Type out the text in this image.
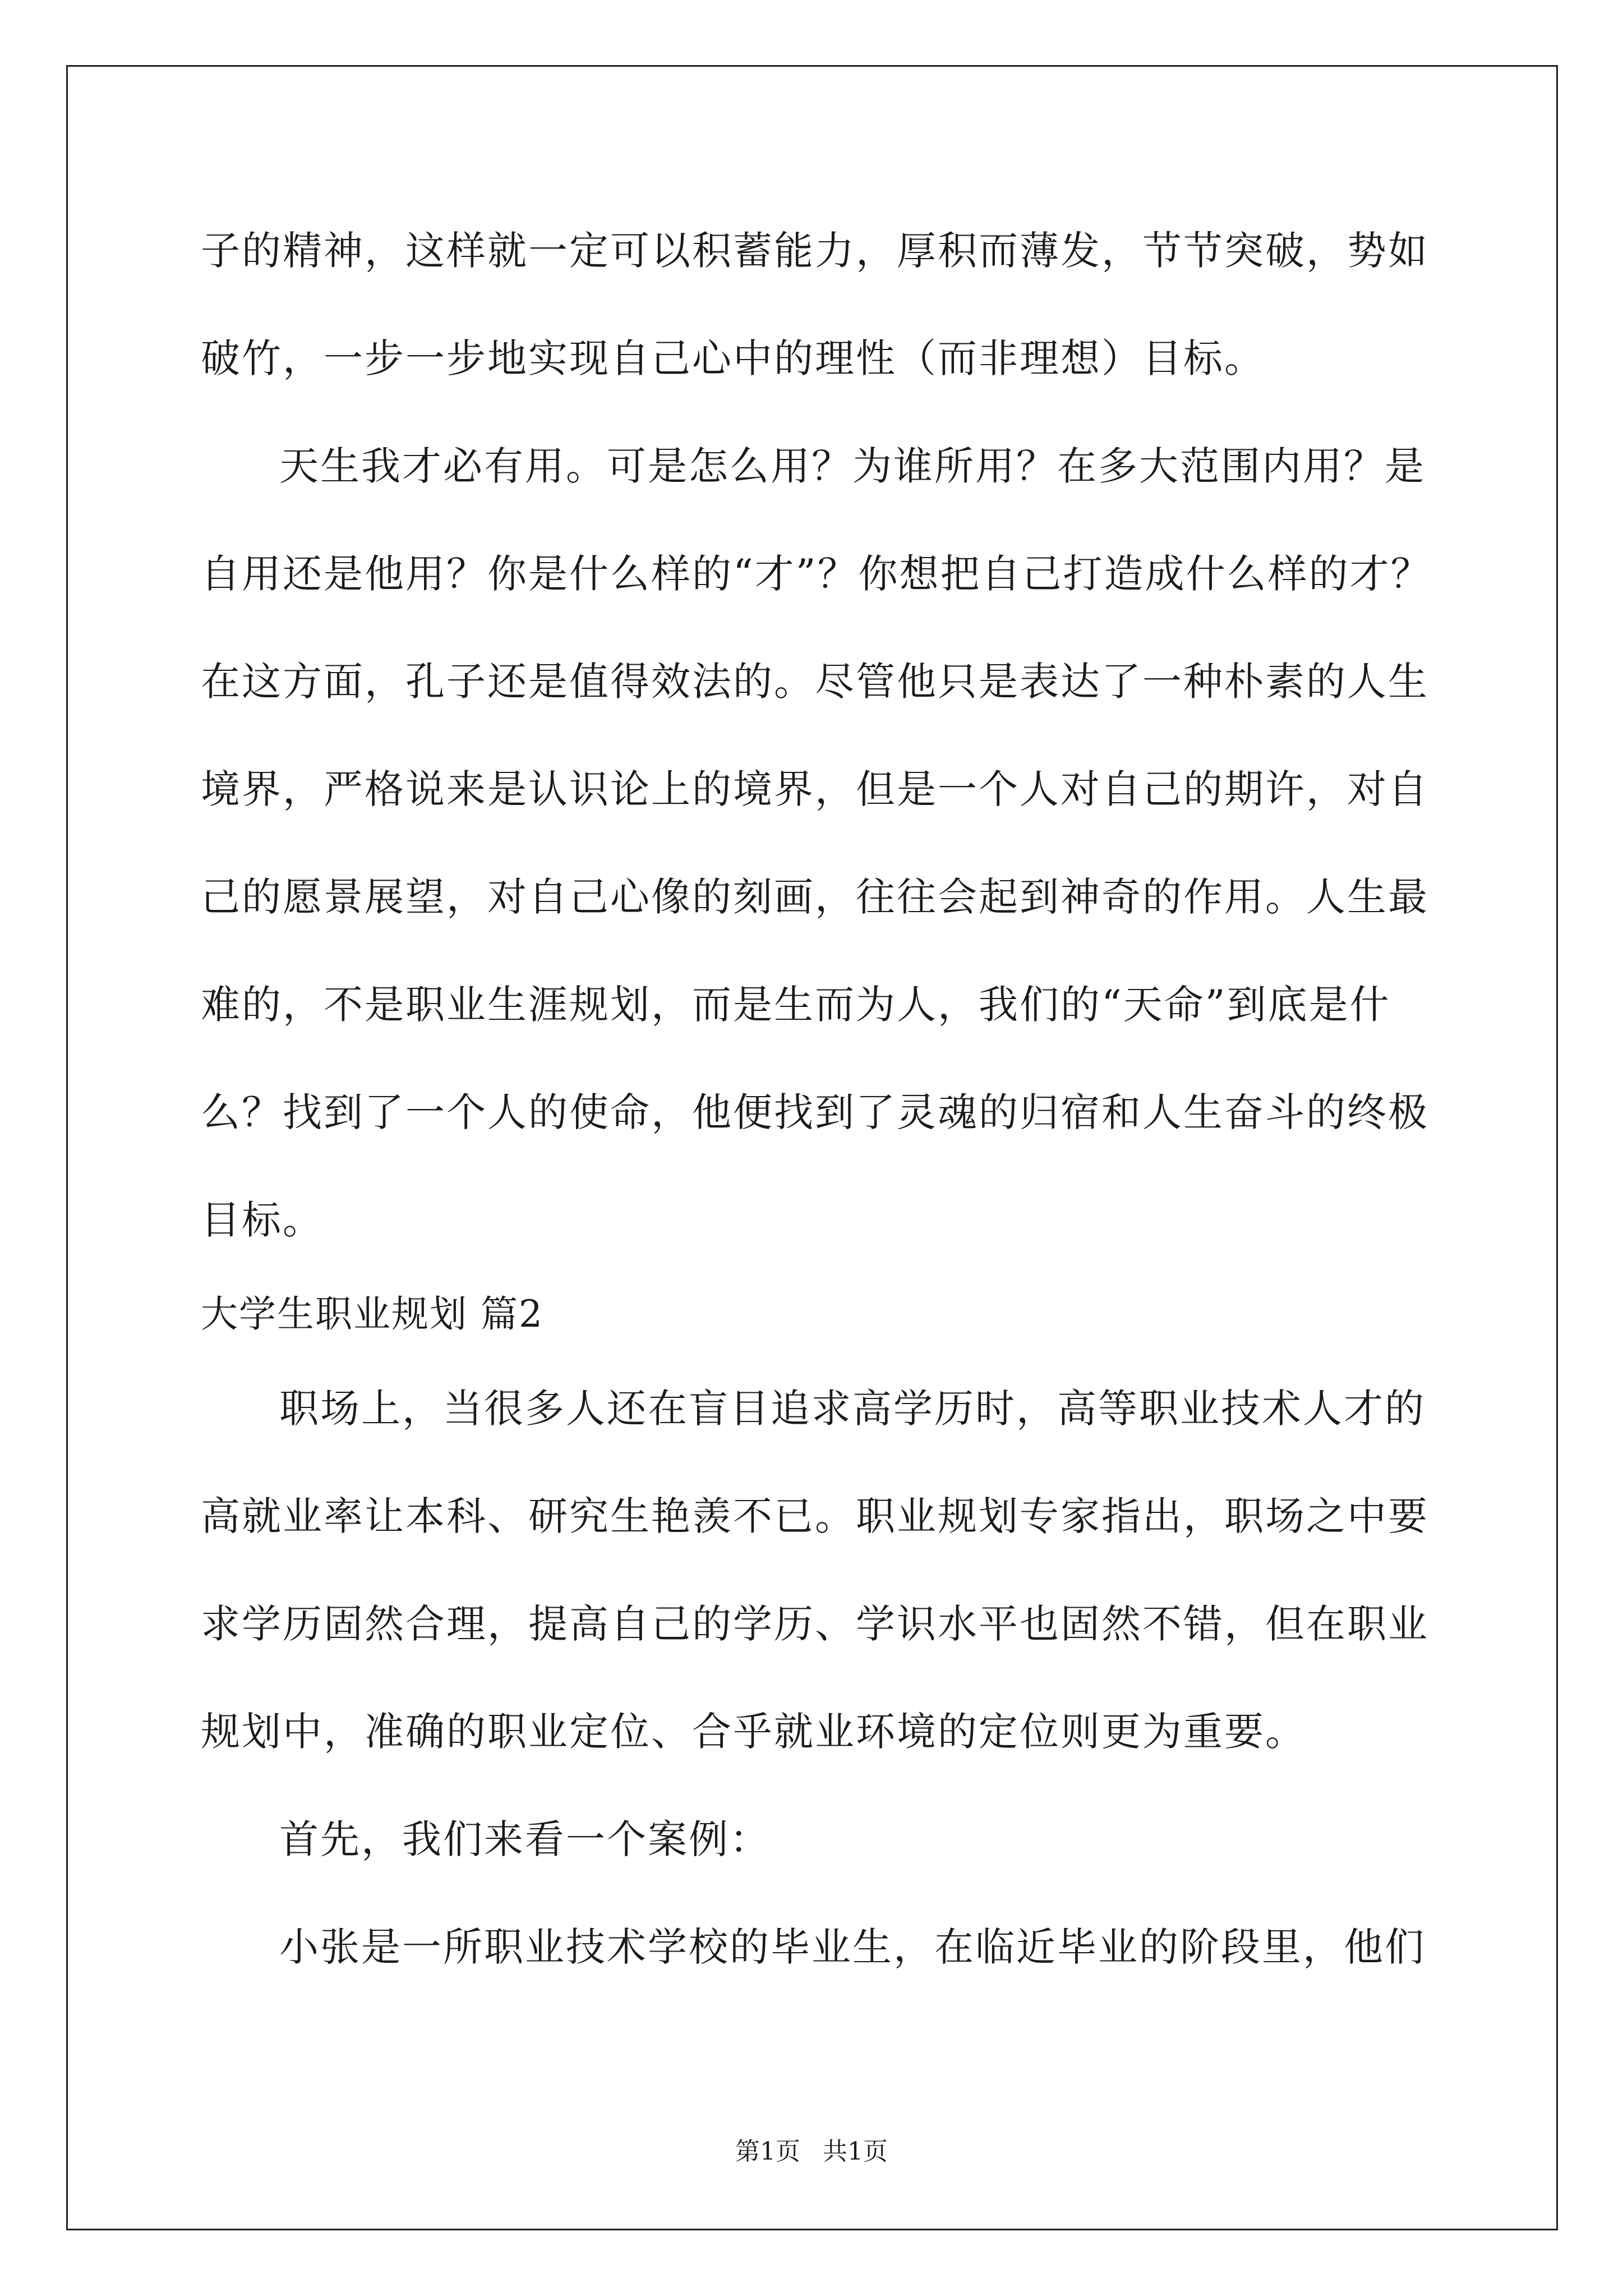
子的精神，这样就一定可以积蓄能力，厚积而薄发，节节突破，势如
破竹，一步一步地实现自己心中的理性（而非理想）目标。
天生我才必有用。可是怎么用？为谁所用？在多大范围内用？是
自用还是他用？你是什么样的“才”？你想把自己打造成什么样的才？
在这方面，孔子还是值得效法的。尽管他只是表达了一种朴素的人生
境界，严格说来是认识论上的境界，但是一个人对自己的期许，对自
己的愿景展望，对自己心像的刻画，往往会起到神奇的作用。人生最
难的，不是职业生涯规划，而是生而为人，我们的“天命”到底是什
么？找到了一个人的使命，他便找到了灵魂的归宿和人生奋斗的终极
目标。
大学生职业规划 篇2
职场上，当很多人还在盲目追求高学历时，高等职业技术人才的
高就业率让本科、研究生艳羡不已。职业规划专家指出，职场之中要
求学历固然合理，提高自己的学历、学识水平也固然不错，但在职业
规划中，准确的职业定位、合乎就业环境的定位则更为重要。
首先，我们来看一个案例：
小张是一所职业技术学校的毕业生，在临近毕业的阶段里，他们
第1页 共1页
